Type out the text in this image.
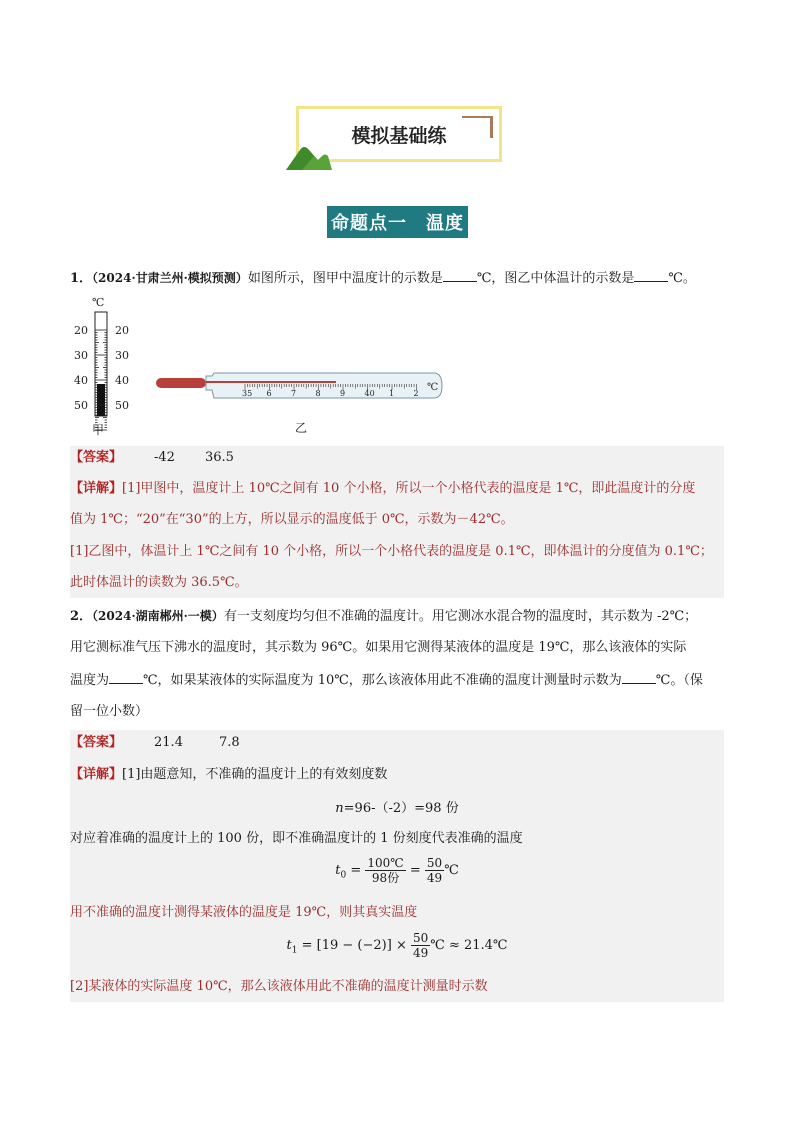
模拟基础练
命题点一　温度
1．（2024·甘肃兰州·模拟预测）如图所示，图甲中温度计的示数是	℃，图乙中体温计的示数是	℃。
℃
20
30
40
50
20
30
40
50
甲
35 6 7 8 9 40 1 2
℃
乙
【答案】 -42 36.5
【详解】[1]甲图中，温度计上 10℃之间有 10 个小格，所以一个小格代表的温度是 1℃，即此温度计的分度
值为 1℃；“20”在“30”的上方，所以显示的温度低于 0℃，示数为－42℃。
[1]乙图中，体温计上 1℃之间有 10 个小格，所以一个小格代表的温度是 0.1℃，即体温计的分度值为 0.1℃；
此时体温计的读数为 36.5℃。
2．（2024·湖南郴州·一模）有一支刻度均匀但不准确的温度计。用它测冰水混合物的温度时，其示数为 -2℃；
用它测标准气压下沸水的温度时，其示数为 96℃。如果用它测得某液体的温度是 19℃，那么该液体的实际
温度为	℃，如果某液体的实际温度为 10℃，那么该液体用此不准确的温度计测量时示数为	℃。（保
留一位小数）
【答案】 21.4	7.8
【详解】[1]由题意知，不准确的温度计上的有效刻度数
n=96-（-2）=98 份
对应着准确的温度计上的 100 份，即不准确温度计的 1 份刻度代表准确的温度
$t_0 = \frac{100℃}{\text{98份}} = \frac{50}{49}$ ℃
用不准确的温度计测得某液体的温度是 19℃，则其真实温度
$t_1 = [19 - (-2)] \times \frac{50}{49}$ ℃ ≈ 21.4℃
[2]某液体的实际温度 10℃，那么该液体用此不准确的温度计测量时示数
